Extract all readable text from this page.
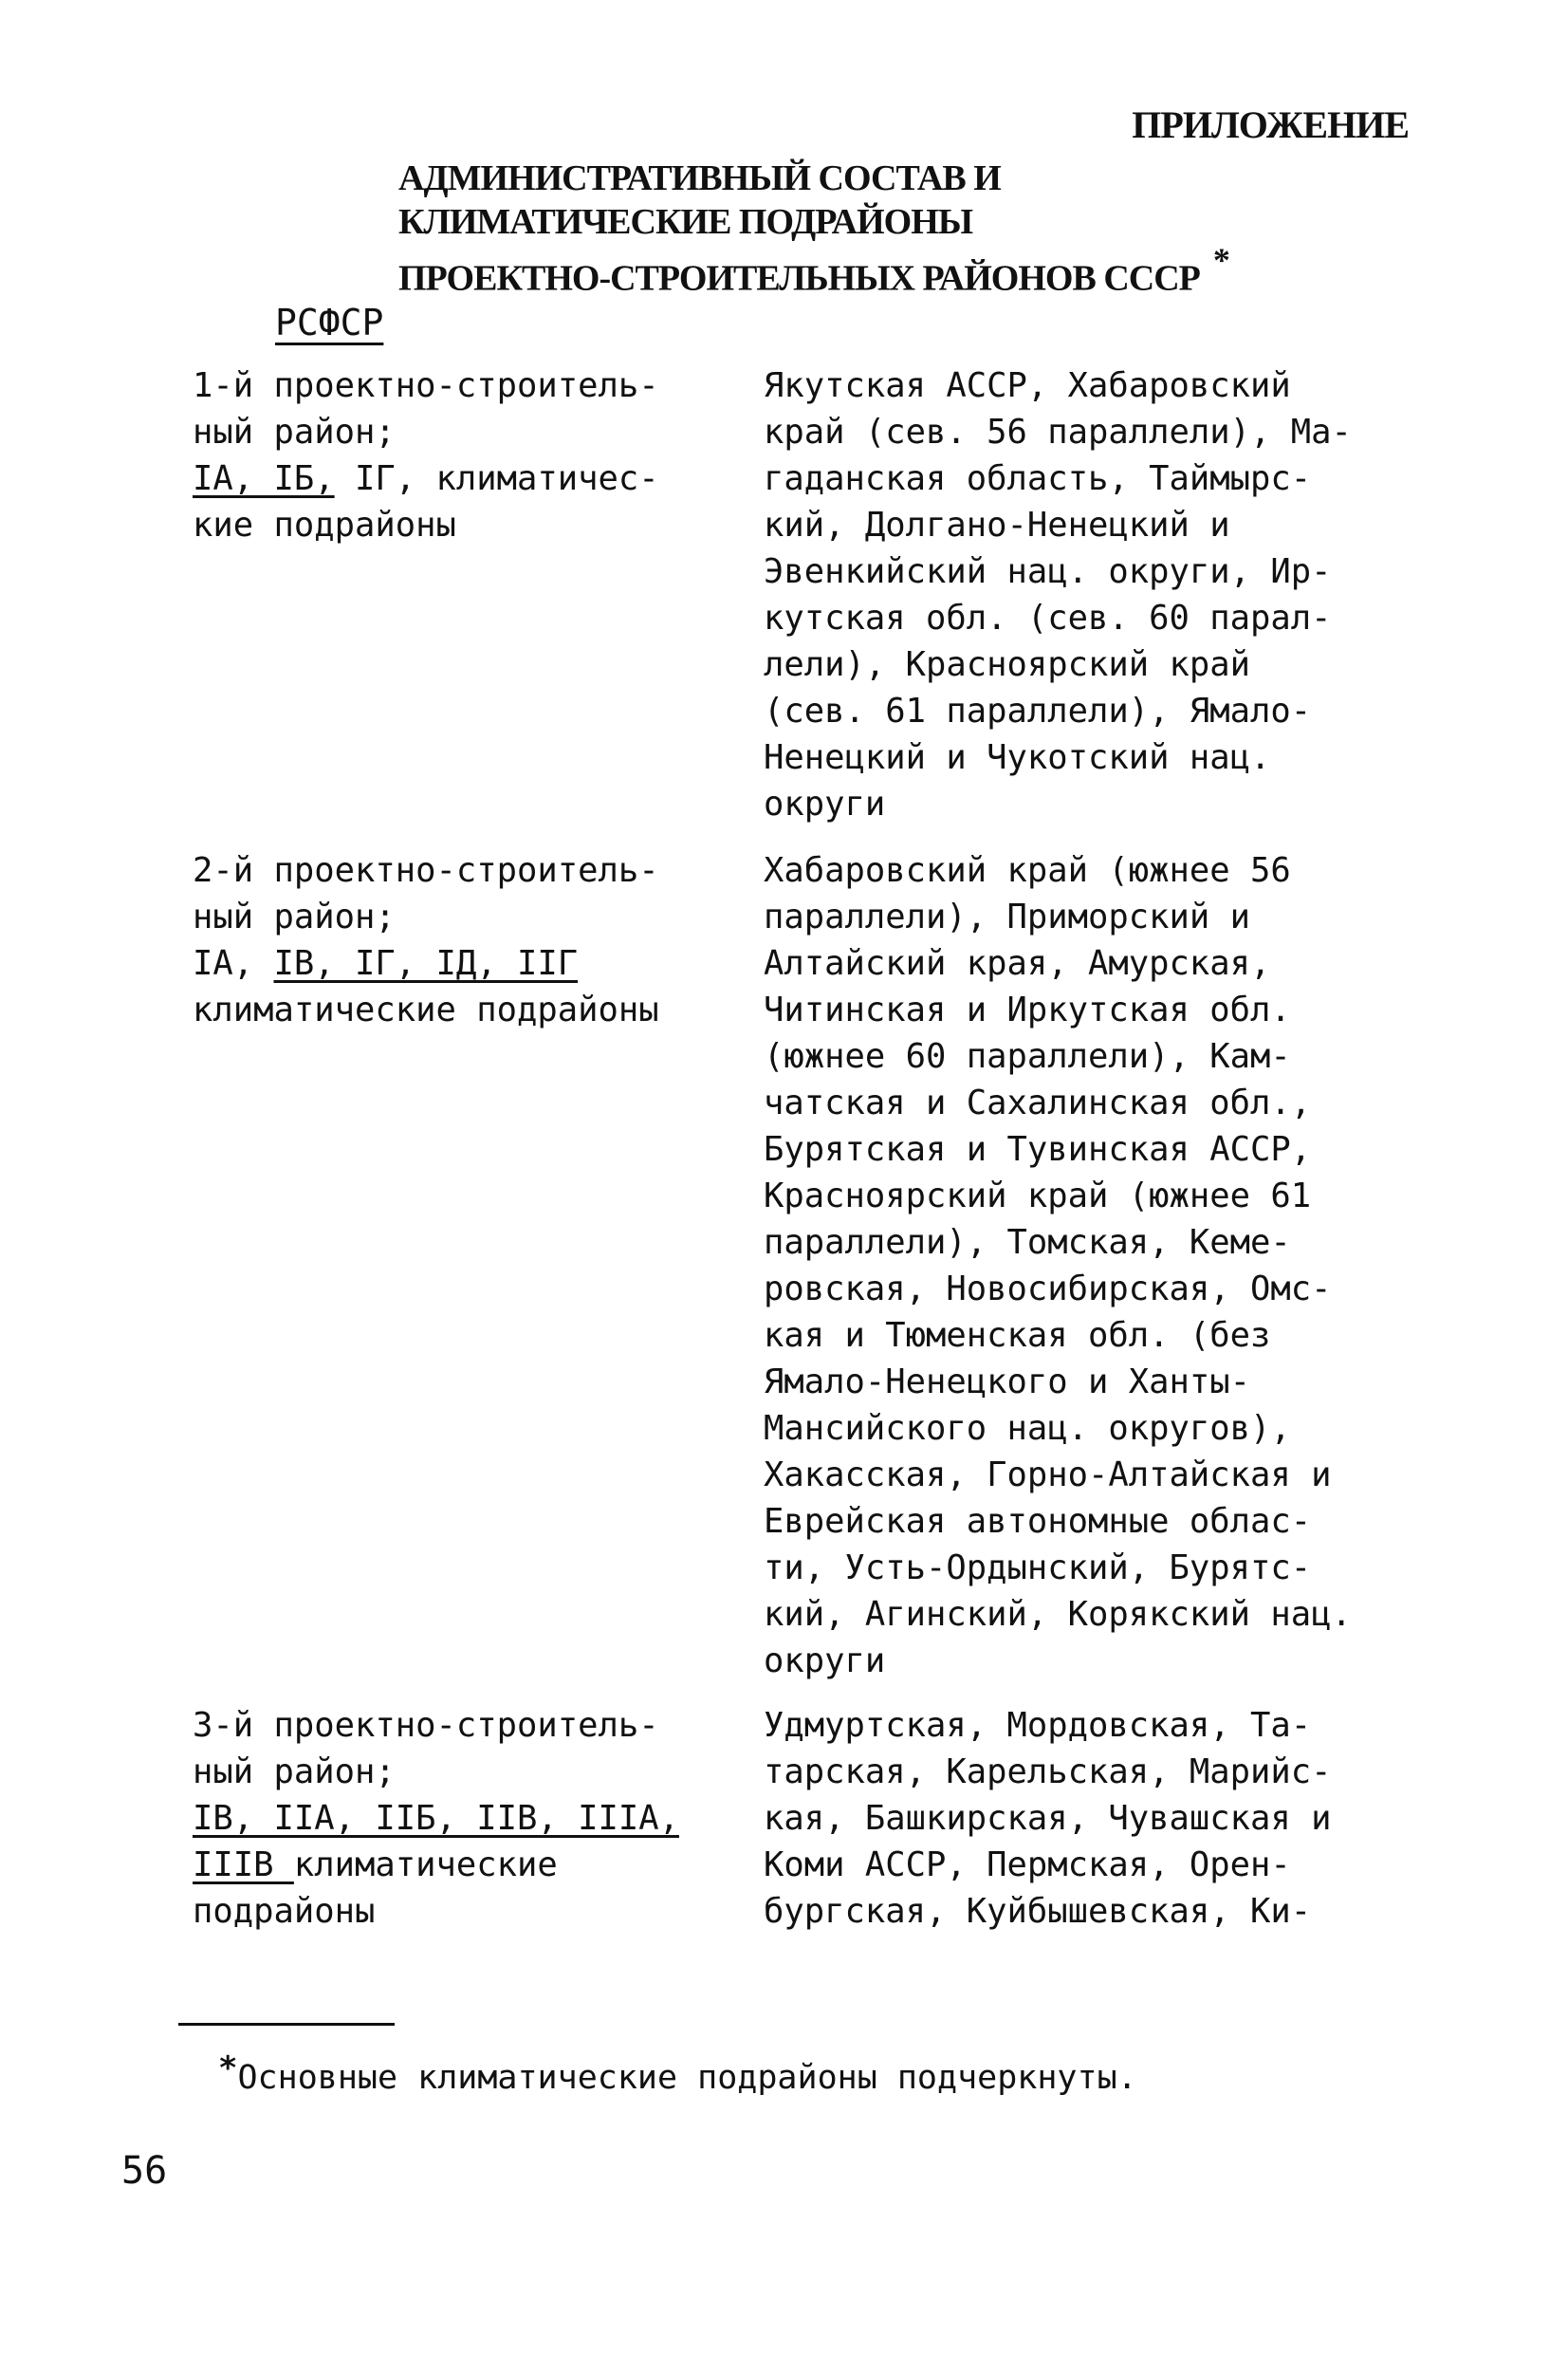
ПРИЛОЖЕНИЕ
АДМИНИСТРАТИВНЫЙ СОСТАВ И
КЛИМАТИЧЕСКИЕ ПОДРАЙОНЫ
ПРОЕКТНО-СТРОИТЕЛЬНЫХ РАЙОНОВ СССР *
РСФСР
1-й проектно-строитель-
ный район;
IА, IБ, IГ, климатичес-
кие подрайоны
Якутская АССР, Хабаровский
край (сев. 56 параллели), Ма-
гаданская область, Таймырс-
кий, Долгано-Ненецкий и
Эвенкийский нац. округи, Ир-
кутская обл. (сев. 60 парал-
лели), Красноярский край
(сев. 61 параллели), Ямало-
Ненецкий и Чукотский нац.
округи
2-й проектно-строитель-
ный район;
IА, IВ, IГ, IД, IIГ
климатические подрайоны
Хабаровский край (южнее 56
параллели), Приморский и
Алтайский края, Амурская,
Читинская и Иркутская обл.
(южнее 60 параллели), Кам-
чатская и Сахалинская обл.,
Бурятская и Тувинская АССР,
Красноярский край (южнее 61
параллели), Томская, Кеме-
ровская, Новосибирская, Омс-
кая и Тюменская обл. (без
Ямало-Ненецкого и Ханты-
Мансийского нац. округов),
Хакасская, Горно-Алтайская и
Еврейская автономные облас-
ти, Усть-Ордынский, Бурятс-
кий, Агинский, Корякский нац.
округи
3-й проектно-строитель-
ный район;
IВ, IIА, IIБ, IIВ, IIIА,
IIIВ климатические
подрайоны
Удмуртская, Мордовская, Та-
тарская, Карельская, Марийс-
кая, Башкирская, Чувашская и
Коми АССР, Пермская, Орен-
бургская, Куйбышевская, Ки-
*Основные климатические подрайоны подчеркнуты.
56
